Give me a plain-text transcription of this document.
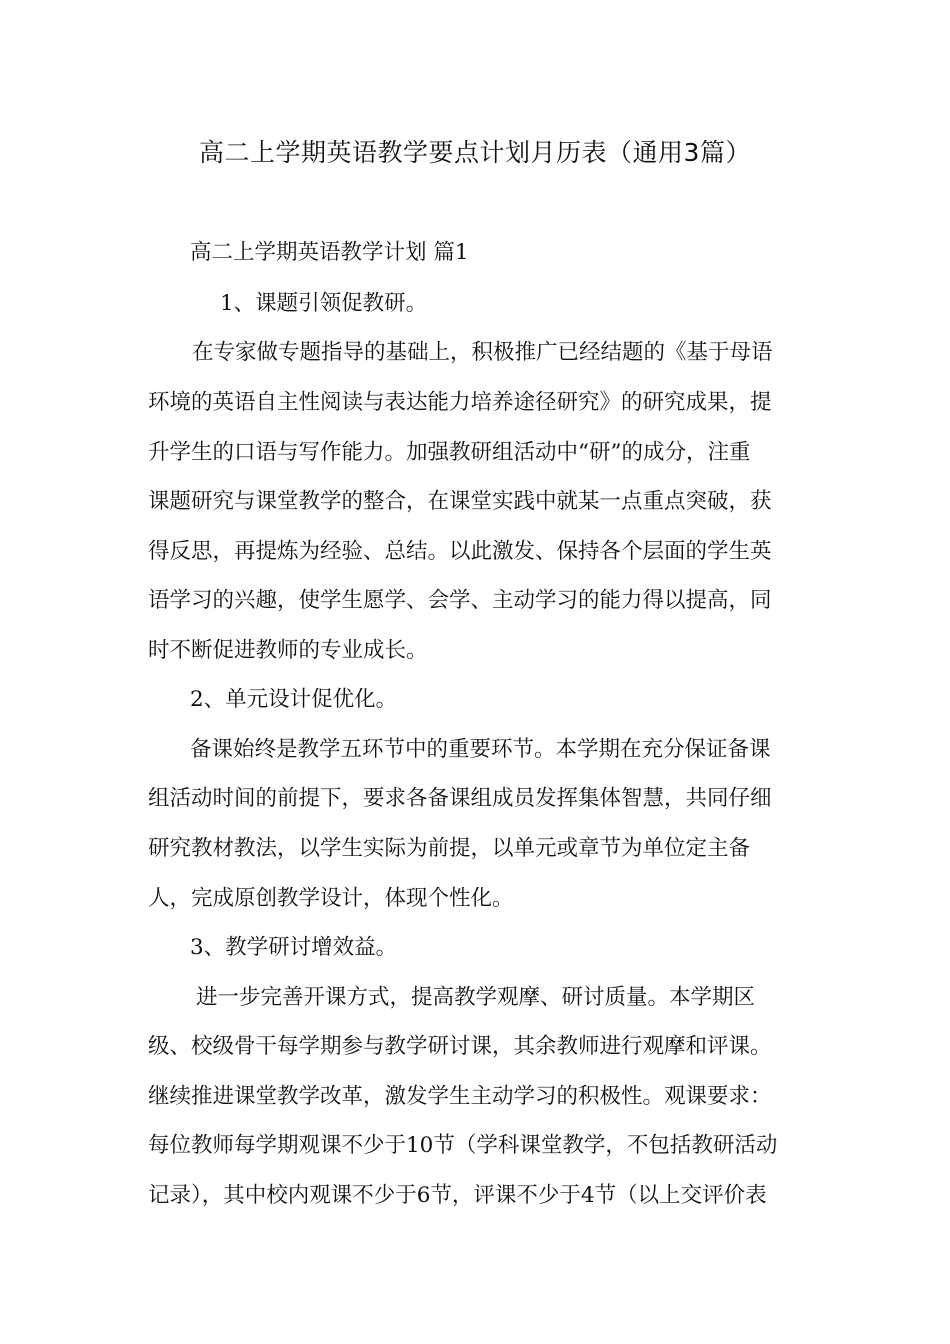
高二上学期英语教学要点计划月历表（通用3篇）
高二上学期英语教学计划 篇1
1、课题引领促教研。
在专家做专题指导的基础上，积极推广已经结题的《基于母语
环境的英语自主性阅读与表达能力培养途径研究》的研究成果，提
升学生的口语与写作能力。加强教研组活动中“研”的成分，注重
课题研究与课堂教学的整合，在课堂实践中就某一点重点突破，获
得反思，再提炼为经验、总结。以此激发、保持各个层面的学生英
语学习的兴趣，使学生愿学、会学、主动学习的能力得以提高，同
时不断促进教师的专业成长。
2、单元设计促优化。
备课始终是教学五环节中的重要环节。本学期在充分保证备课
组活动时间的前提下，要求各备课组成员发挥集体智慧，共同仔细
研究教材教法，以学生实际为前提，以单元或章节为单位定主备
人，完成原创教学设计，体现个性化。
3、教学研讨增效益。
进一步完善开课方式，提高教学观摩、研讨质量。本学期区
级、校级骨干每学期参与教学研讨课，其余教师进行观摩和评课。
继续推进课堂教学改革，激发学生主动学习的积极性。观课要求：
每位教师每学期观课不少于10节（学科课堂教学，不包括教研活动
记录），其中校内观课不少于6节，评课不少于4节（以上交评价表
